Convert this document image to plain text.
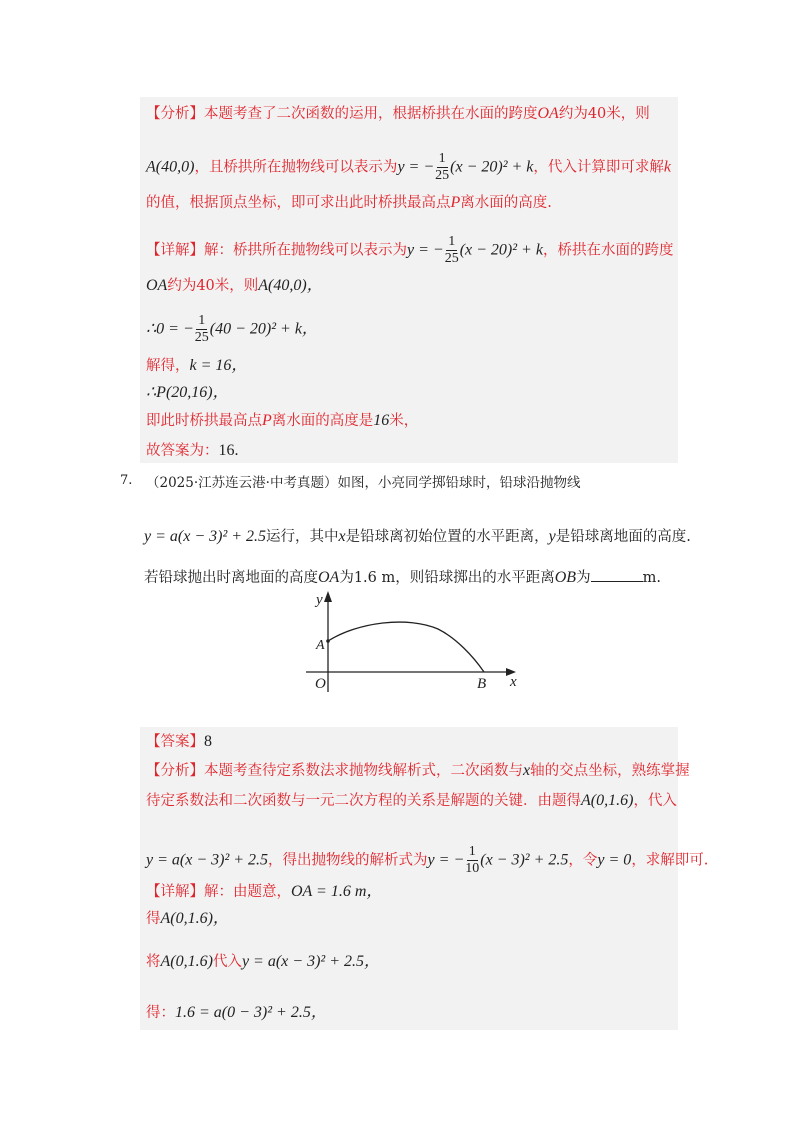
【分析】本题考查了二次函数的运用，根据桥拱在水面的跨度OA约为40米，则
A(40,0)，且桥拱所在抛物线可以表示为y = − $\frac{1}{25} (x - 20)^2 + k$，代入计算即可求解k
的值，根据顶点坐标，即可求出此时桥拱最高点P离水面的高度.
【详解】解：桥拱所在抛物线可以表示为y = − $\frac{1}{25} (x - 20)^2 + k$，桥拱在水面的跨度
OA约为40米，则A(40,0)，
∴0 = − $\frac{1}{25} (40 - 20)^2 + k$，
解得，k = 16，
∴P(20,16)，
即此时桥拱最高点P离水面的高度是16米，
故答案为：16.
7. （2025·江苏连云港·中考真题）如图，小亮同学掷铅球时，铅球沿抛物线
y = a(x − 3)² + 2.5运行，其中x是铅球离初始位置的水平距离，y是铅球离地面的高度.
若铅球抛出时离地面的高度OA为1.6 m，则铅球掷出的水平距离OB为	m.
y
x
O
A
B
【答案】8
【分析】本题考查待定系数法求抛物线解析式，二次函数与x轴的交点坐标，熟练掌握
待定系数法和二次函数与一元二次方程的关系是解题的关键．由题得A(0,1.6)，代入
y = a(x − 3)² + 2.5，得出抛物线的解析式为y = − $\frac{1}{10} (x - 3)^2 + 2.5$，令y = 0，求解即可.
【详解】解：由题意，OA = 1.6 m，
得A(0,1.6)，
将A(0,1.6)代入y = a(x − 3)² + 2.5，
得：1.6 = a(0 − 3)² + 2.5，
